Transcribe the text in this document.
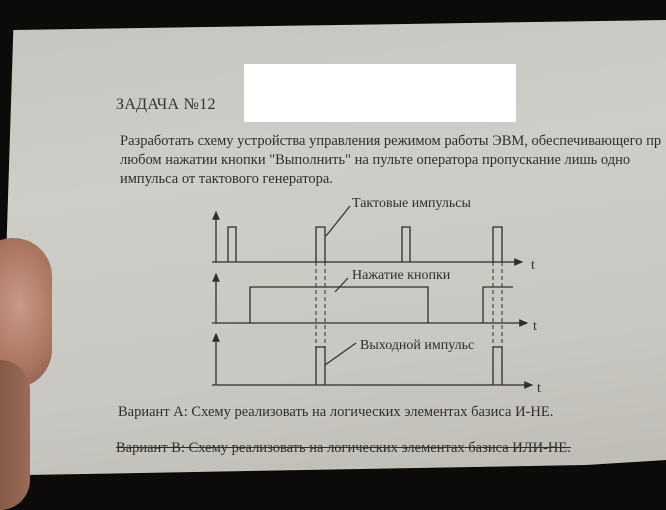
ЗАДАЧА №12
Разработать схему устройства управления режимом работы ЭВМ, обеспечивающего пр
любом нажатии кнопки "Выполнить" на пульте оператора пропускание лишь одно
импульса от тактового генератора.
Тактовые импульсы
Нажатие кнопки
Выходной импульс
t
t
t
Вариант А: Схему реализовать на логических элементах базиса И-НЕ.
Вариант В: Схему реализовать на логических элементах базиса ИЛИ-НЕ.
